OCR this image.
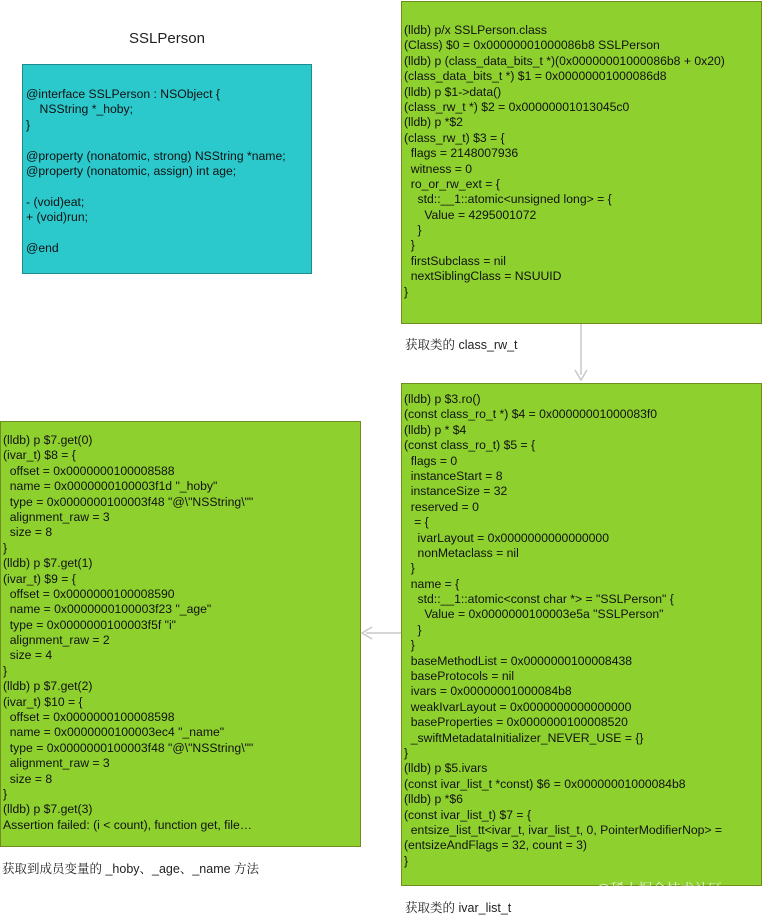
SSLPerson
@interface SSLPerson : NSObject {
NSString *_hoby;
}

@property (nonatomic, strong) NSString *name;
@property (nonatomic, assign) int age;

- (void)eat;
+ (void)run;

@end
(lldb) p/x SSLPerson.class
(Class) $0 = 0x00000001000086b8 SSLPerson
(lldb) p (class_data_bits_t *)(0x00000001000086b8 + 0x20)
(class_data_bits_t *) $1 = 0x00000001000086d8
(lldb) p $1->data()
(class_rw_t *) $2 = 0x00000001013045c0
(lldb) p *$2
(class_rw_t) $3 = {
flags = 2148007936
witness = 0
ro_or_rw_ext = {
std::__1::atomic<unsigned long> = {
Value = 4295001072
}
}
firstSubclass = nil
nextSiblingClass = NSUUID
}
获取类的 class_rw_t
(lldb) p $3.ro()
(const class_ro_t *) $4 = 0x00000001000083f0
(lldb) p * $4
(const class_ro_t) $5 = {
flags = 0
instanceStart = 8
instanceSize = 32
reserved = 0
= {
ivarLayout = 0x0000000000000000
nonMetaclass = nil
}
name = {
std::__1::atomic<const char *> = "SSLPerson" {
Value = 0x0000000100003e5a "SSLPerson"
}
}
baseMethodList = 0x0000000100008438
baseProtocols = nil
ivars = 0x00000001000084b8
weakIvarLayout = 0x0000000000000000
baseProperties = 0x0000000100008520
_swiftMetadataInitializer_NEVER_USE = {}
}
(lldb) p $5.ivars
(const ivar_list_t *const) $6 = 0x00000001000084b8
(lldb) p *$6
(const ivar_list_t) $7 = {
entsize_list_tt<ivar_t, ivar_list_t, 0, PointerModifierNop> =
(entsizeAndFlags = 32, count = 3)
}
获取类的 ivar_list_t
(lldb) p $7.get(0)
(ivar_t) $8 = {
offset = 0x0000000100008588
name = 0x0000000100003f1d "_hoby"
type = 0x0000000100003f48 "@\"NSString\""
alignment_raw = 3
size = 8
}
(lldb) p $7.get(1)
(ivar_t) $9 = {
offset = 0x0000000100008590
name = 0x0000000100003f23 "_age"
type = 0x0000000100003f5f "i"
alignment_raw = 2
size = 4
}
(lldb) p $7.get(2)
(ivar_t) $10 = {
offset = 0x0000000100008598
name = 0x0000000100003ec4 "_name"
type = 0x0000000100003f48 "@\"NSString\""
alignment_raw = 3
size = 8
}
(lldb) p $7.get(3)
Assertion failed: (i < count), function get, file…
获取到成员变量的 _hoby、_age、_name 方法
@稀土掘金技术社区
